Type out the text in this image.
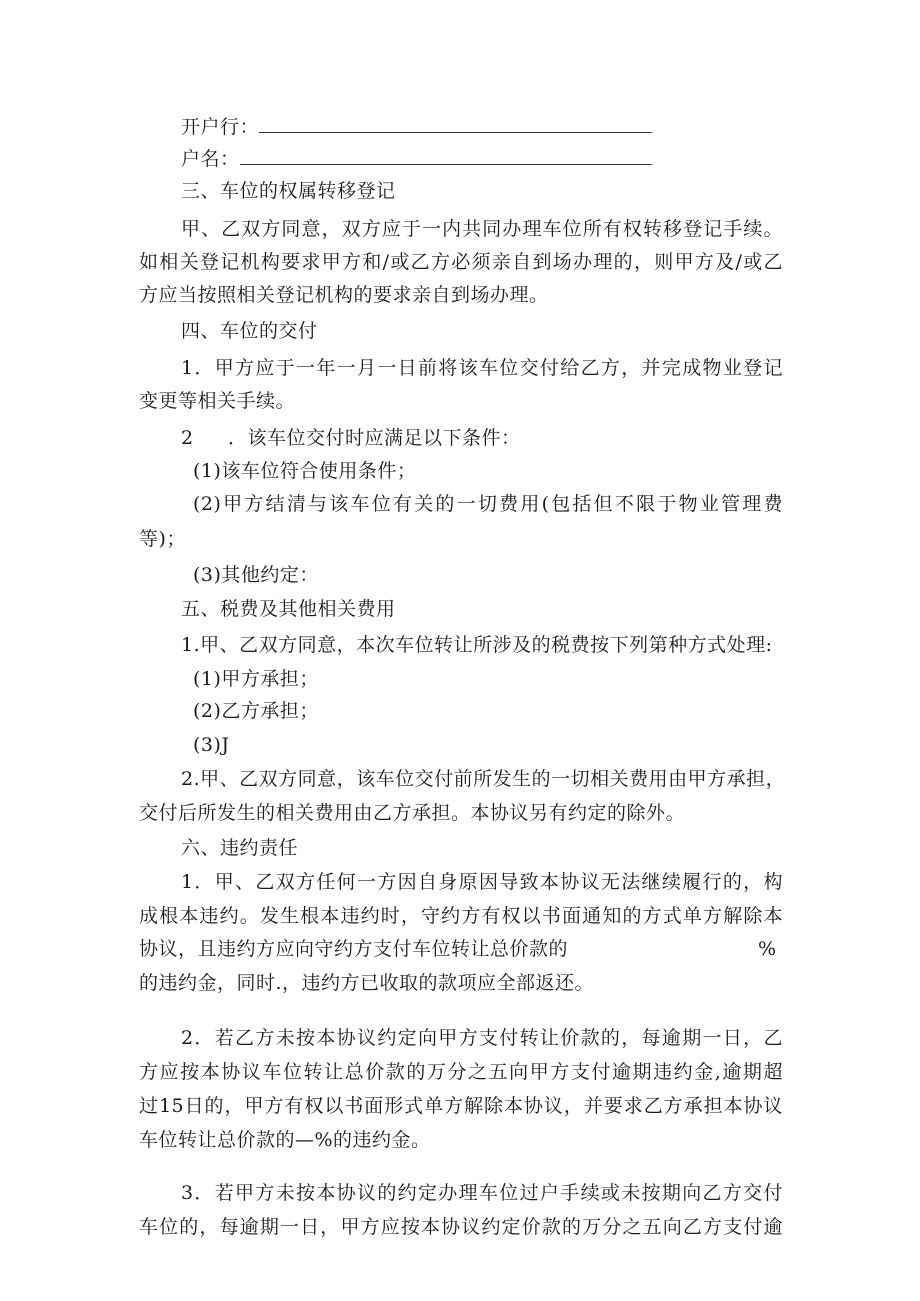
开户行：
户名：
三、车位的权属转移登记
甲、乙双方同意，双方应于一内共同办理车位所有权转移登记手续。
如相关登记机构要求甲方和/或乙方必须亲自到场办理的，则甲方及/或乙
方应当按照相关登记机构的要求亲自到场办理。
四、车位的交付
1．甲方应于一年一月一日前将该车位交付给乙方，并完成物业登记
变更等相关手续。
2 ．该车位交付时应满足以下条件：
(1)该车位符合使用条件；
(2)甲方结清与该车位有关的一切费用(包括但不限于物业管理费
等)；
(3)其他约定：
五、税费及其他相关费用
1.甲、乙双方同意，本次车位转让所涉及的税费按下列第种方式处理:
(1)甲方承担；
(2)乙方承担；
(3)J
2.甲、乙双方同意，该车位交付前所发生的一切相关费用由甲方承担，
交付后所发生的相关费用由乙方承担。本协议另有约定的除外。
六、违约责任
1．甲、乙双方任何一方因自身原因导致本协议无法继续履行的，构
成根本违约。发生根本违约时，守约方有权以书面通知的方式单方解除本
协议，且违约方应向守约方支付车位转让总价款的	%
的违约金，同时.，违约方已收取的款项应全部返还。
2．若乙方未按本协议约定向甲方支付转让价款的，每逾期一日，乙
方应按本协议车位转让总价款的万分之五向甲方支付逾期违约金,逾期超
过15日的，甲方有权以书面形式单方解除本协议，并要求乙方承担本协议
车位转让总价款的—%的违约金。
3．若甲方未按本协议的约定办理车位过户手续或未按期向乙方交付
车位的，每逾期一日，甲方应按本协议约定价款的万分之五向乙方支付逾
